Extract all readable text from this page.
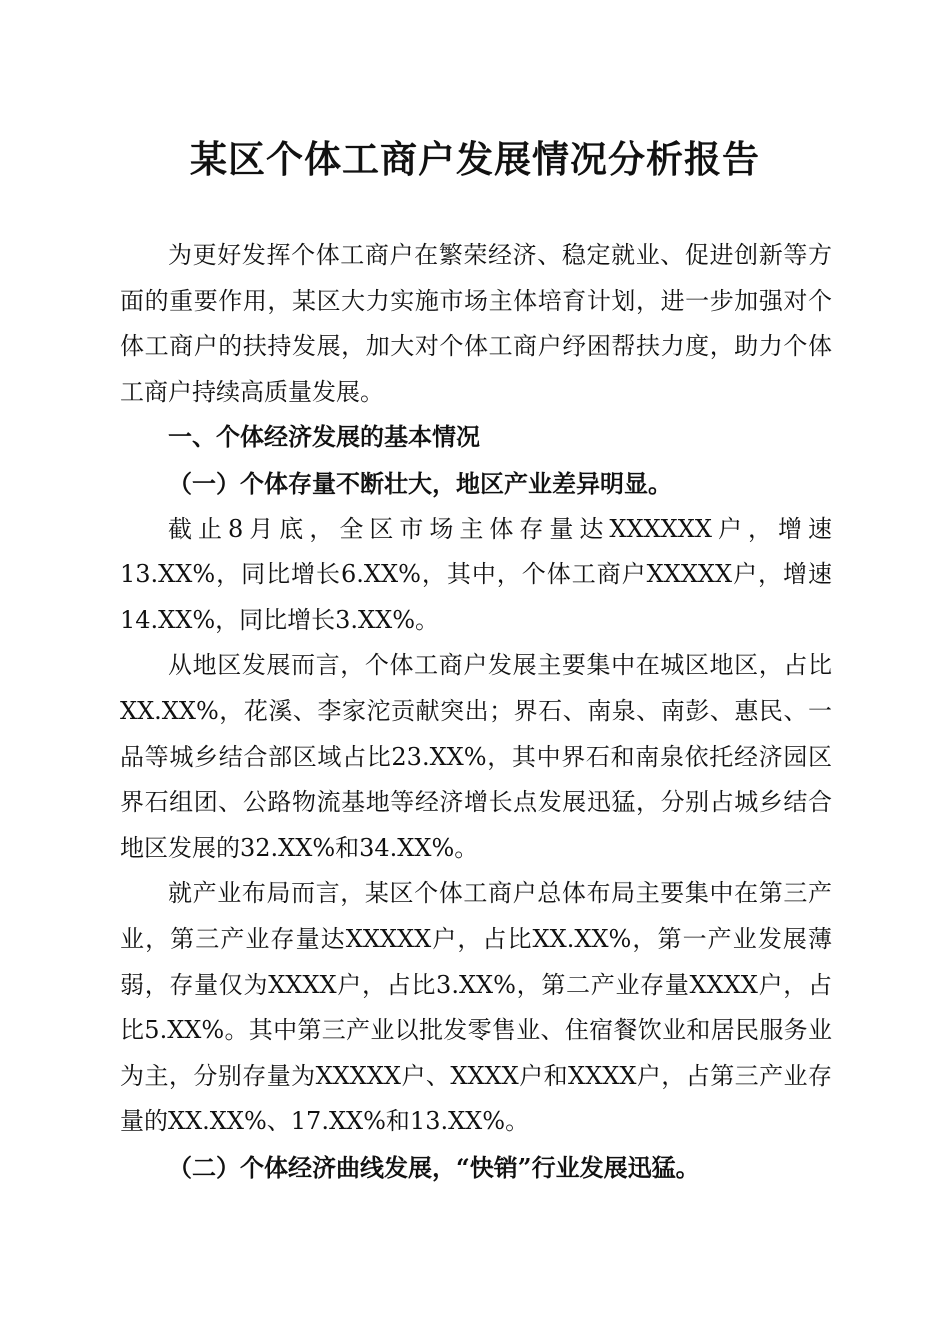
某区个体工商户发展情况分析报告

为更好发挥个体工商户在繁荣经济、稳定就业、促进创新等方面的重要作用，某区大力实施市场主体培育计划，进一步加强对个体工商户的扶持发展，加大对个体工商户纾困帮扶力度，助力个体工商户持续高质量发展。

一、个体经济发展的基本情况

（一）个体存量不断壮大，地区产业差异明显。

截止8月底，全区市场主体存量达XXXXXX户，增速13.XX%，同比增长6.XX%，其中，个体工商户XXXXX户，增速14.XX%，同比增长3.XX%。

从地区发展而言，个体工商户发展主要集中在城区地区，占比XX.XX%，花溪、李家沱贡献突出；界石、南泉、南彭、惠民、一品等城乡结合部区域占比23.XX%，其中界石和南泉依托经济园区界石组团、公路物流基地等经济增长点发展迅猛，分别占城乡结合地区发展的32.XX%和34.XX%。

就产业布局而言，某区个体工商户总体布局主要集中在第三产业，第三产业存量达XXXXX户，占比XX.XX%，第一产业发展薄弱，存量仅为XXXX户，占比3.XX%，第二产业存量XXXX户，占比5.XX%。其中第三产业以批发零售业、住宿餐饮业和居民服务业为主，分别存量为XXXXX户、XXXX户和XXXX户，占第三产业存量的XX.XX%、17.XX%和13.XX%。

（二）个体经济曲线发展，“快销”行业发展迅猛。
